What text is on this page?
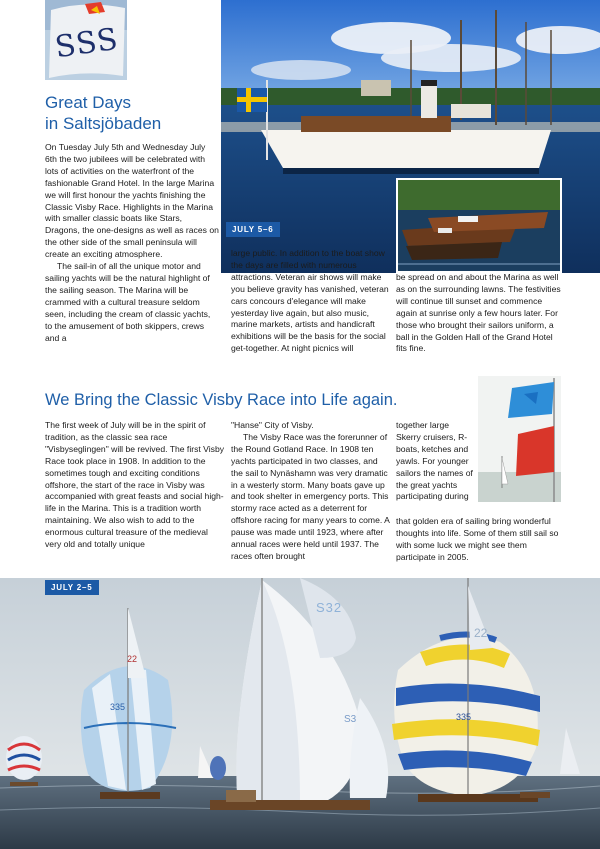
SSS
JULY 5–6
Great Days
in Saltsjöbaden

On Tuesday July 5th and Wednesday July 6th the two jubilees will be celebrated with lots of activities on the waterfront of the fashionable Grand Hotel. In the large Marina we will first honour the yachts finishing the Classic Visby Race. Highlights in the Marina with smaller classic boats like Stars, Dragons, the one-designs as well as races on the other side of the small peninsula will create an exciting atmosphere.

The sail-in of all the unique motor and sailing yachts will be the natural highlight of the sailing season. The Marina will be crammed with a cultural treasure seldom seen, including the cream of classic yachts, to the amusement of both skippers, crews and a

large public. In addition to the boat show the days are filled with numerous attractions. Veteran air shows will make you believe gravity has vanished, veteran cars concours d'elegance will make yesterday live again, but also music, marine markets, artists and handicraft exhibitions will be the basis for the social get-together. At night picnics will

be spread on and about the Marina as well as on the surrounding lawns. The festivities will continue till sunset and commence again at sunrise only a few hours later. For those who brought their sailors uniform, a ball in the Golden Hall of the Grand Hotel fits fine.

We Bring the Classic Visby Race into Life again.

The first week of July will be in the spirit of tradition, as the classic sea race "Visbyseglingen" will be revived. The first Visby Race took place in 1908. In addition to the sometimes tough and exciting conditions offshore, the start of the race in Visby was accompanied with great feasts and social high-life in the Marina. This is a tradition worth maintaining. We also wish to add to the enormous cultural treasure of the medieval very old and totally unique

"Hanse" City of Visby.

The Visby Race was the forerunner of the Round Gotland Race. In 1908 ten yachts participated in two classes, and the sail to Nynäshamn was very dramatic in a westerly storm. Many boats gave up and took shelter in emergency ports. This stormy race acted as a deterrent for offshore racing for many years to come. A pause was made until 1923, where after annual races were held until 1937. The races often brought

together large Skerry cruisers, R-boats, ketches and yawls. For younger sailors the names of the great yachts participating during

that golden era of sailing bring wonderful thoughts into life. Some of them still sail so with some luck we might see them participate in 2005.

22
S32
335
S3
22
335
JULY 2–5
